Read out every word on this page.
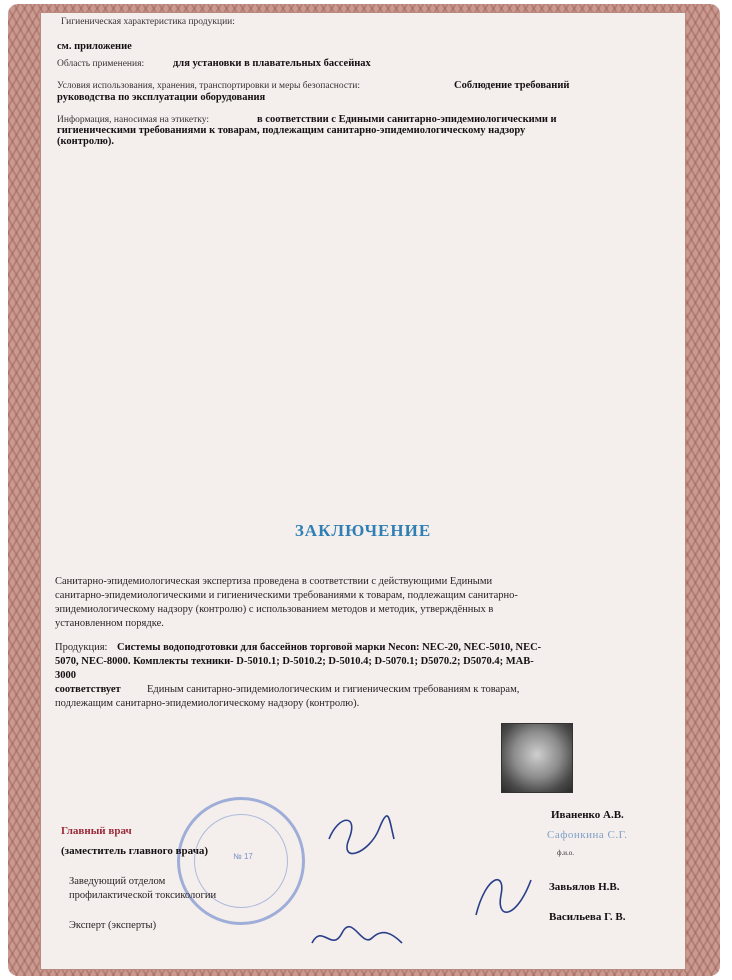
Гигиеническая характеристика продукции:
см. приложение
Область применения:	для установки в плавательных бассейнах
Условия использования, хранения, транспортировки и меры безопасности:	Соблюдение требований
руководства по эксплуатации оборудования
Информация, наносимая на этикетку:	в соответствии с Едиными санитарно-эпидемиологическими и
гигиеническими требованиями к товарам, подлежащим санитарно-эпидемиологическому надзору
(контролю).
ЗАКЛЮЧЕНИЕ
Санитарно-эпидемиологическая экспертиза проведена в соответствии с действующими Едиными
санитарно-эпидемиологическими и гигиеническими требованиями к товарам, подлежащим санитарно-
эпидемиологическому надзору (контролю) с использованием методов и методик, утверждённых в
установленном порядке.
Продукция: Системы водоподготовки для бассейнов торговой марки Necon: NEC-20, NEC-5010, NEC-
5070, NEC-8000. Комплекты техники- D-5010.1; D-5010.2; D-5010.4; D-5070.1; D5070.2; D5070.4; MAB-
3000
соответствует	Единым санитарно-эпидемиологическим и гигиеническим требованиям к товарам,
подлежащим санитарно-эпидемиологическому надзору (контролю).
№ 17
Главный врач
(заместитель главного врача)
Заведующий отделом
профилактической токсикологии
Эксперт (эксперты)
Иваненко А.В.
Сафонкина С.Г.
ф.и.о.
Завьялов Н.В.
Васильева Г. В.
